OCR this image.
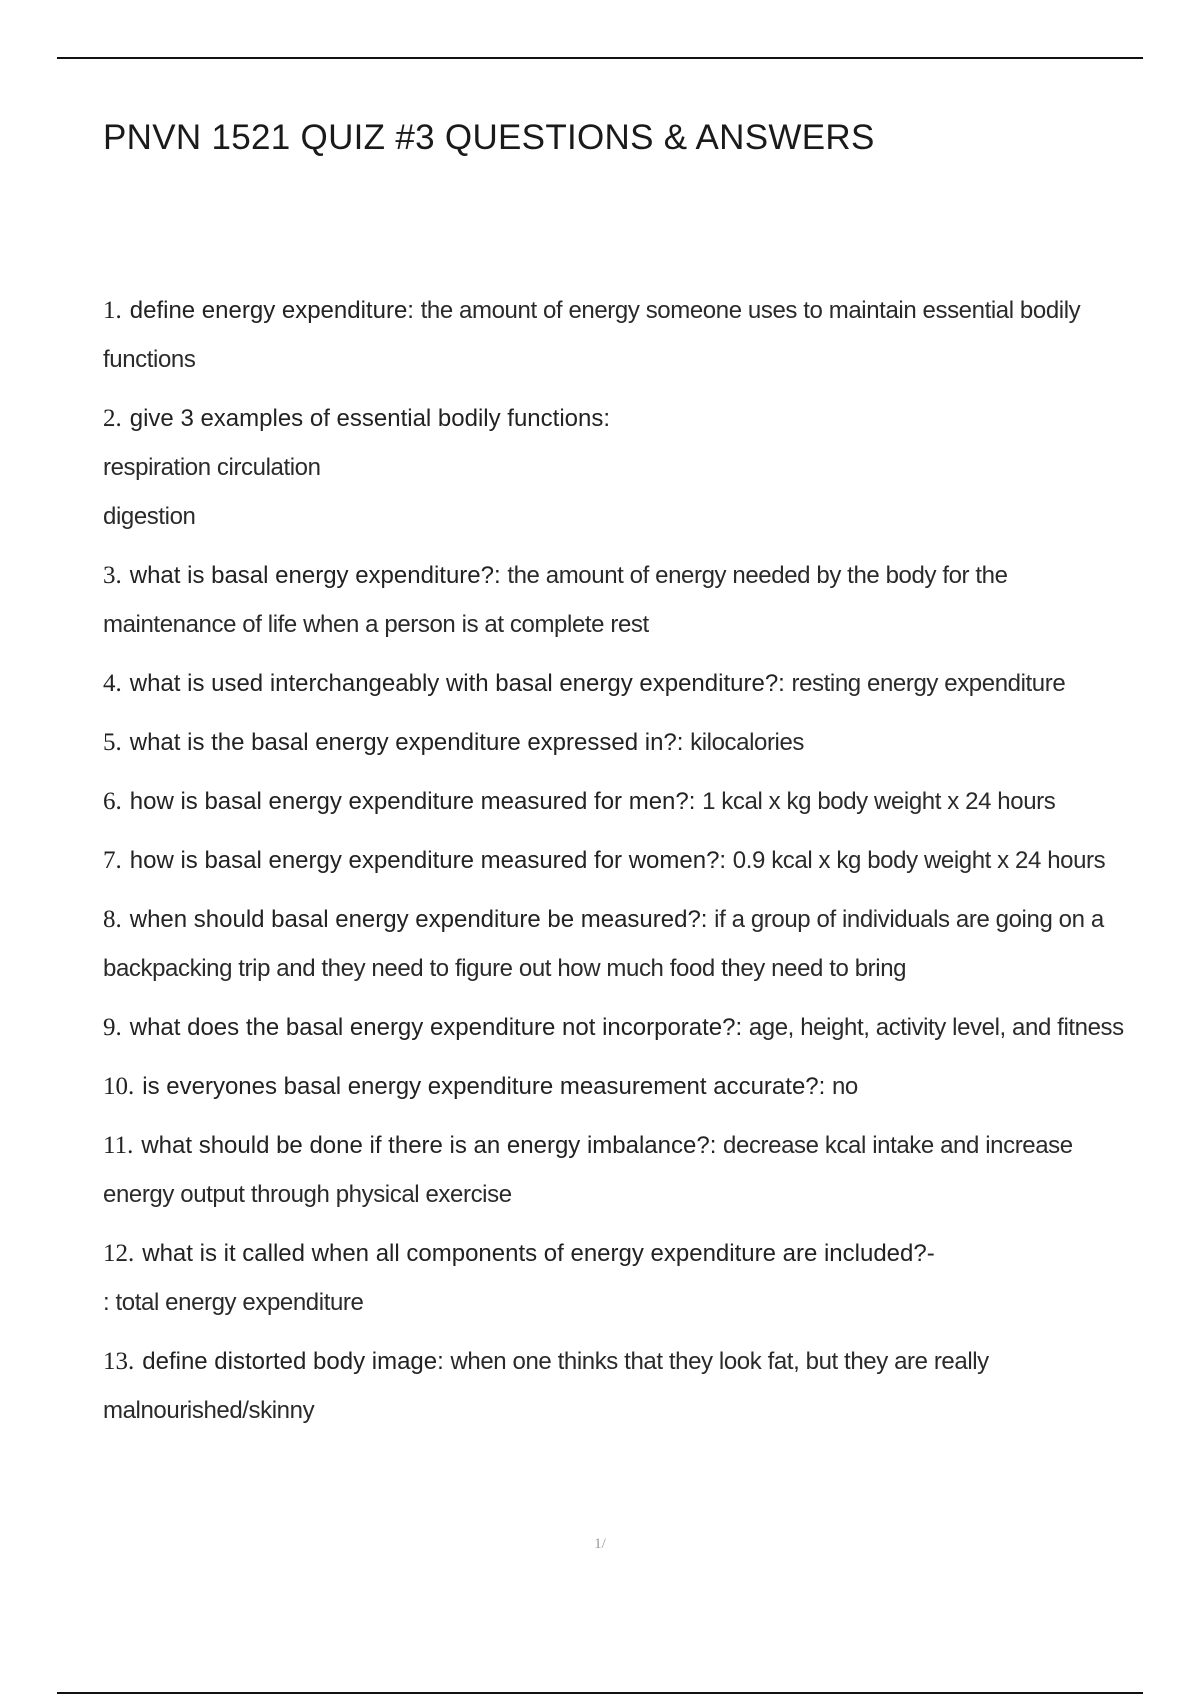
PNVN 1521 QUIZ #3 QUESTIONS & ANSWERS
1. define energy expenditure: the amount of energy someone uses to maintain essential bodily functions
2. give 3 examples of essential bodily functions:
respiration circulation
digestion
3. what is basal energy expenditure?: the amount of energy needed by the body for the maintenance of life when a person is at complete rest
4. what is used interchangeably with basal energy expenditure?: resting energy expenditure
5. what is the basal energy expenditure expressed in?: kilocalories
6. how is basal energy expenditure measured for men?: 1 kcal x kg body weight x 24 hours
7. how is basal energy expenditure measured for women?: 0.9 kcal x kg body weight x 24 hours
8. when should basal energy expenditure be measured?: if a group of individuals are going on a backpacking trip and they need to figure out how much food they need to bring
9. what does the basal energy expenditure not incorporate?: age, height, activity level, and fitness
10. is everyones basal energy expenditure measurement accurate?: no
11. what should be done if there is an energy imbalance?: decrease kcal intake and increase energy output through physical exercise
12. what is it called when all components of energy expenditure are included?-
: total energy expenditure
13. define distorted body image: when one thinks that they look fat, but they are really malnourished/skinny
1/
